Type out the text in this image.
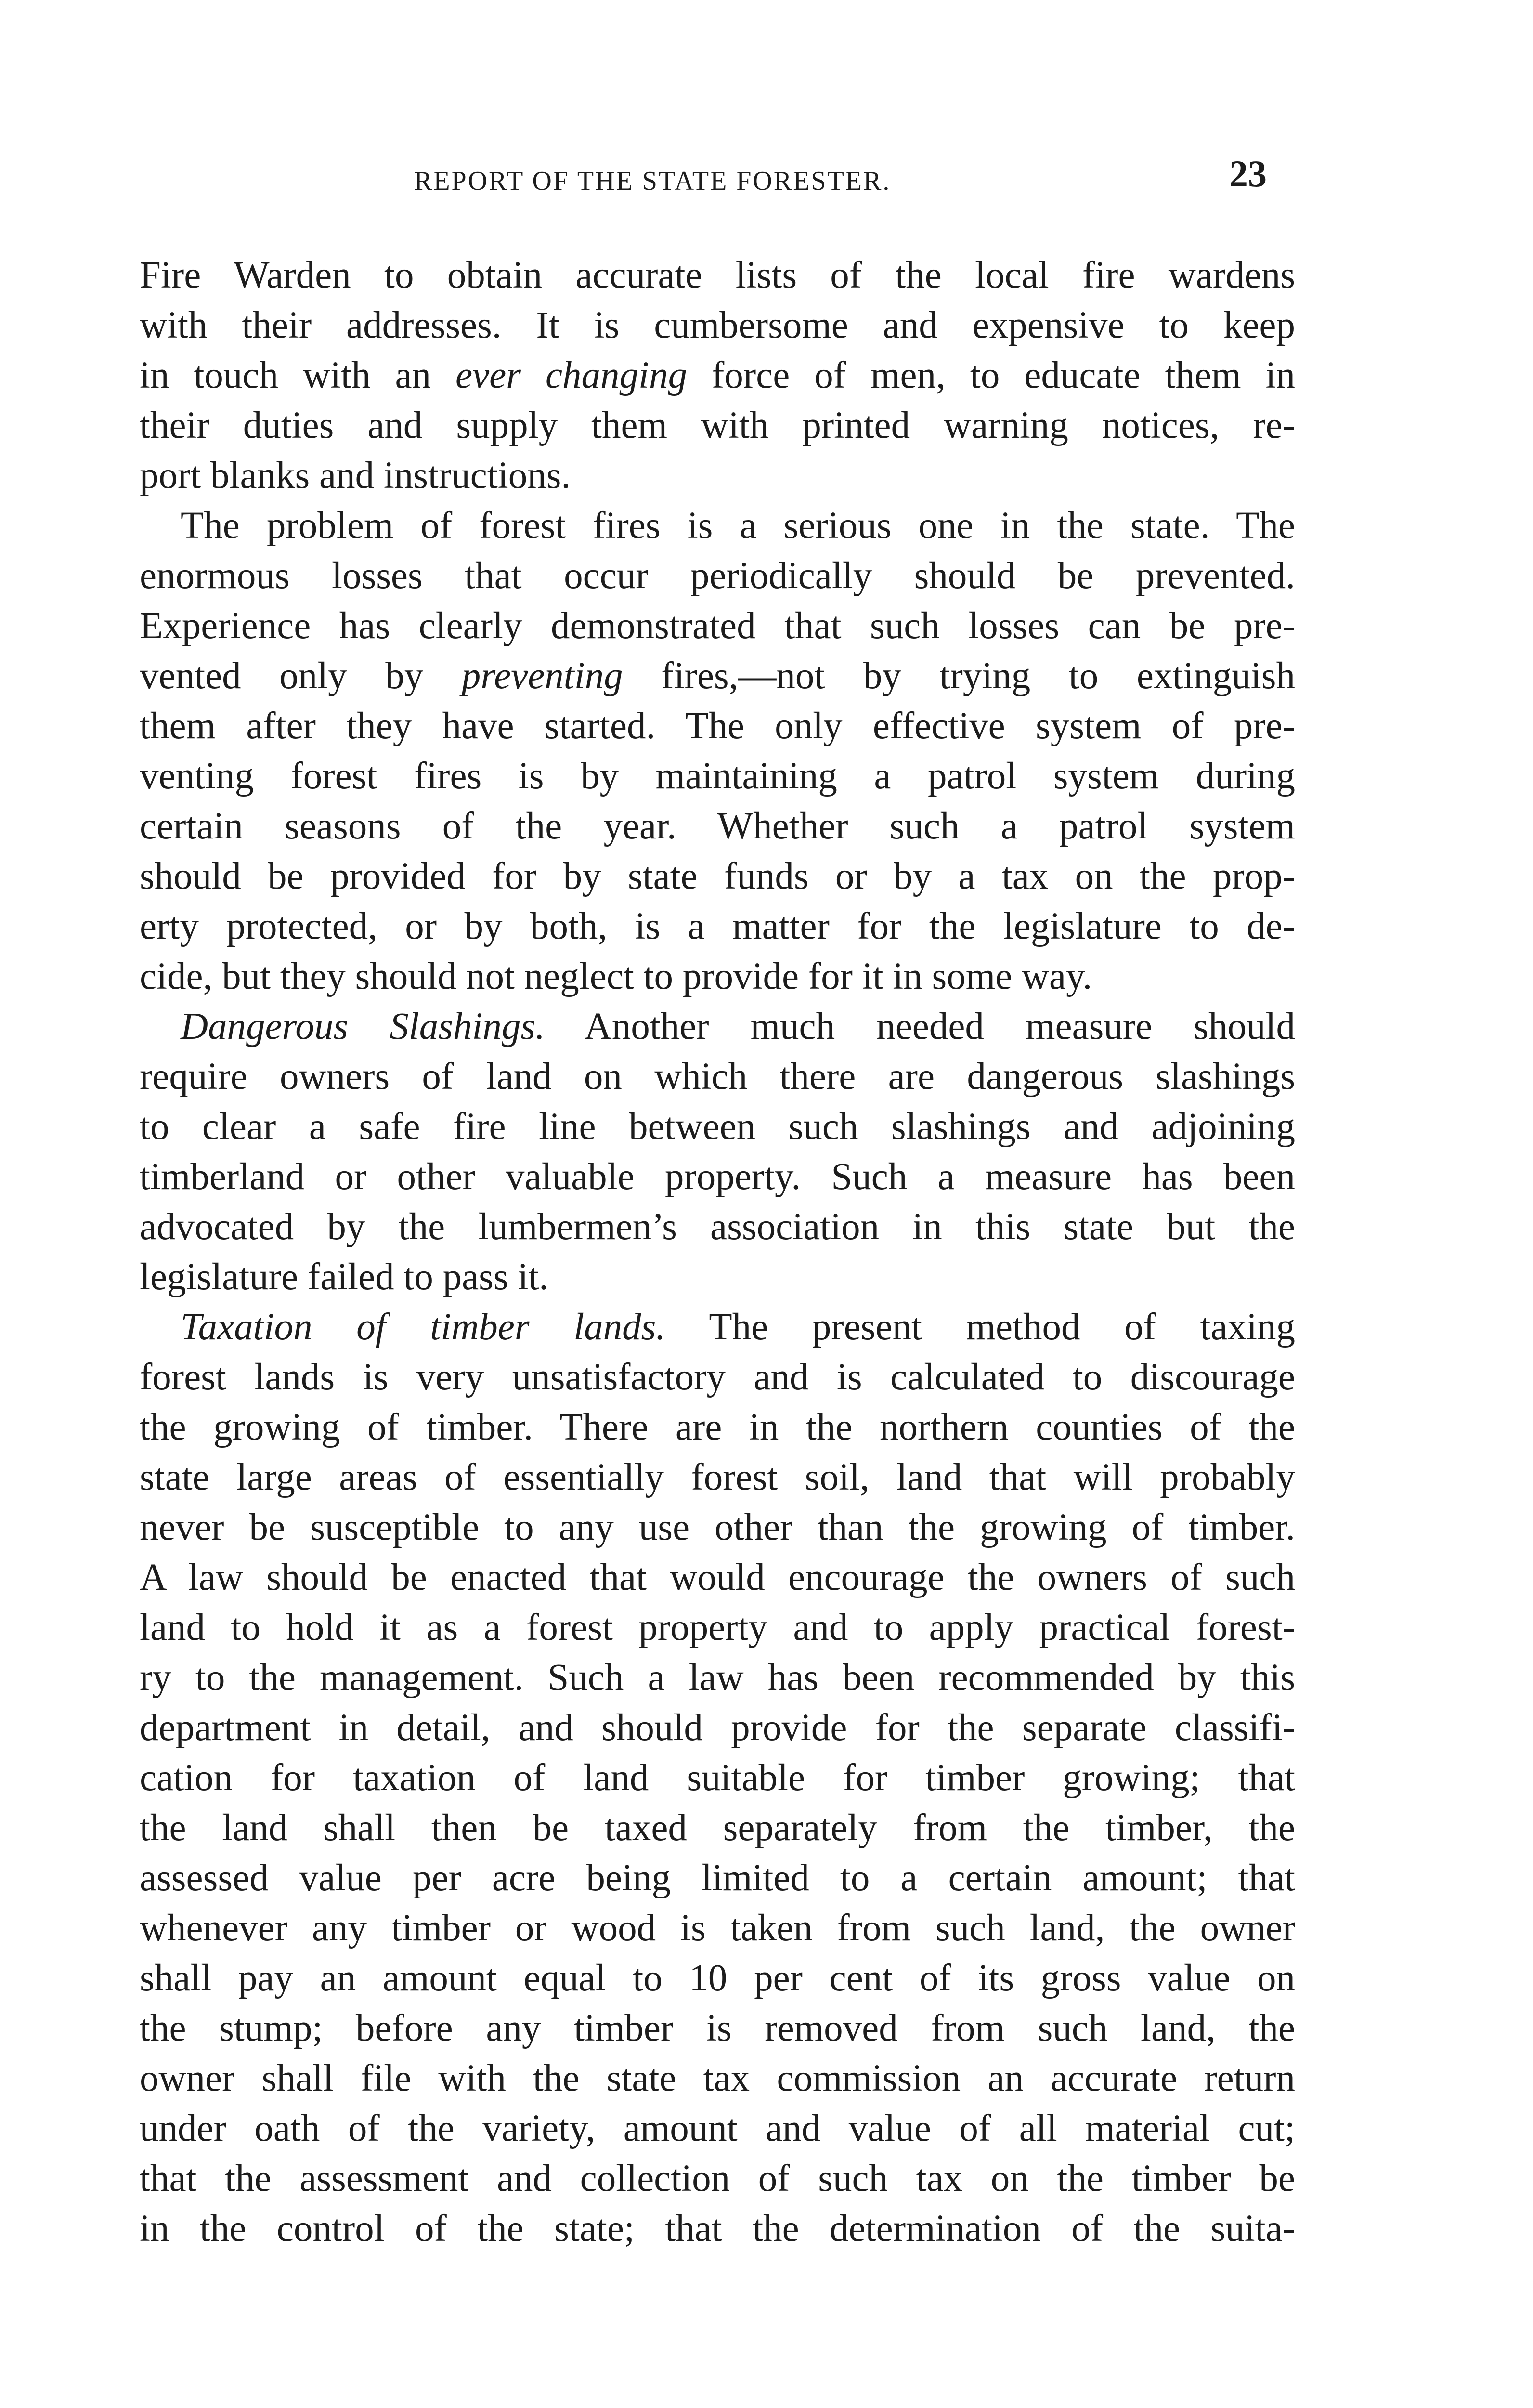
REPORT OF THE STATE FORESTER.	23
Fire Warden to obtain accurate lists of the local fire wardens
with their addresses. It is cumbersome and expensive to keep
in touch with an ever changing force of men, to educate them in
their duties and supply them with printed warning notices, re-
port blanks and instructions.
The problem of forest fires is a serious one in the state. The
enormous losses that occur periodically should be prevented.
Experience has clearly demonstrated that such losses can be pre-
vented only by preventing fires,—not by trying to extinguish
them after they have started. The only effective system of pre-
venting forest fires is by maintaining a patrol system during
certain seasons of the year. Whether such a patrol system
should be provided for by state funds or by a tax on the prop-
erty protected, or by both, is a matter for the legislature to de-
cide, but they should not neglect to provide for it in some way.
Dangerous Slashings. Another much needed measure should
require owners of land on which there are dangerous slashings
to clear a safe fire line between such slashings and adjoining
timberland or other valuable property. Such a measure has been
advocated by the lumbermen’s association in this state but the
legislature failed to pass it.
Taxation of timber lands. The present method of taxing
forest lands is very unsatisfactory and is calculated to discourage
the growing of timber. There are in the northern counties of the
state large areas of essentially forest soil, land that will probably
never be susceptible to any use other than the growing of timber.
A law should be enacted that would encourage the owners of such
land to hold it as a forest property and to apply practical forest-
ry to the management. Such a law has been recommended by this
department in detail, and should provide for the separate classifi-
cation for taxation of land suitable for timber growing; that
the land shall then be taxed separately from the timber, the
assessed value per acre being limited to a certain amount; that
whenever any timber or wood is taken from such land, the owner
shall pay an amount equal to 10 per cent of its gross value on
the stump; before any timber is removed from such land, the
owner shall file with the state tax commission an accurate return
under oath of the variety, amount and value of all material cut;
that the assessment and collection of such tax on the timber be
in the control of the state; that the determination of the suita-
